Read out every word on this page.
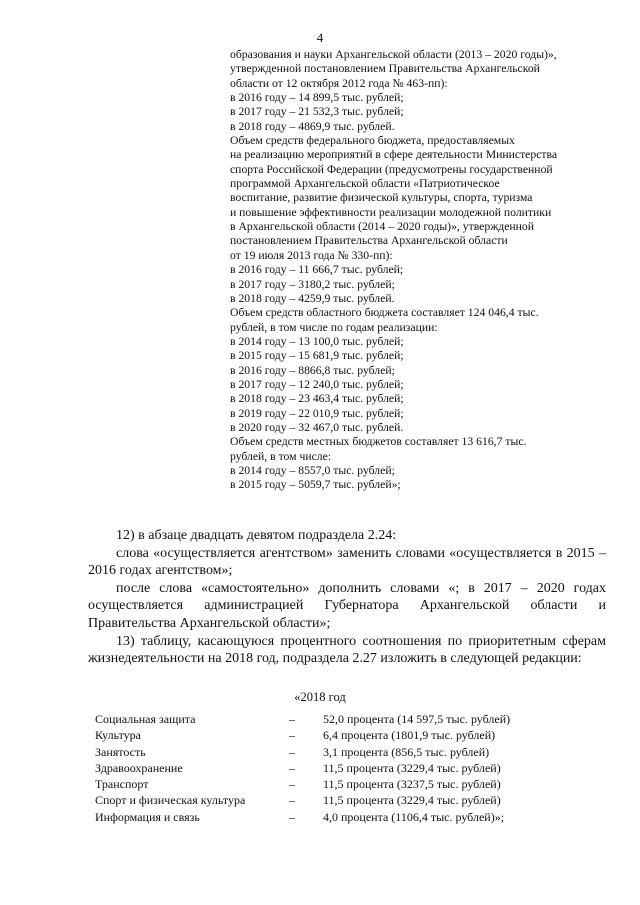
4
образования и науки Архангельской области (2013 – 2020 годы)»,
утвержденной постановлением Правительства Архангельской
области от 12 октября 2012 года № 463-пп):
в 2016 году – 14 899,5 тыс. рублей;
в 2017 году – 21 532,3 тыс. рублей;
в 2018 году – 4869,9 тыс. рублей.
Объем средств федерального бюджета, предоставляемых
на реализацию мероприятий в сфере деятельности Министерства
спорта Российской Федерации (предусмотрены государственной
программой Архангельской области «Патриотическое
воспитание, развитие физической культуры, спорта, туризма
и повышение эффективности реализации молодежной политики
в Архангельской области (2014 – 2020 годы)», утвержденной
постановлением Правительства Архангельской области
от 19 июля 2013 года № 330-пп):
в 2016 году – 11 666,7 тыс. рублей;
в 2017 году – 3180,2 тыс. рублей;
в 2018 году – 4259,9 тыс. рублей.
Объем средств областного бюджета составляет 124 046,4 тыс.
рублей, в том числе по годам реализации:
в 2014 году – 13 100,0 тыс. рублей;
в 2015 году – 15 681,9 тыс. рублей;
в 2016 году – 8866,8 тыс. рублей;
в 2017 году – 12 240,0 тыс. рублей;
в 2018 году – 23 463,4 тыс. рублей;
в 2019 году – 22 010,9 тыс. рублей;
в 2020 году – 32 467,0 тыс. рублей.
Объем средств местных бюджетов составляет 13 616,7 тыс.
рублей, в том числе:
в 2014 году – 8557,0 тыс. рублей;
в 2015 году – 5059,7 тыс. рублей»;

12) в абзаце двадцать девятом подраздела 2.24:

слова «осуществляется агентством» заменить словами «осуществляется в 2015 – 2016 годах агентством»;

после слова «самостоятельно» дополнить словами «; в 2017 – 2020 годах осуществляется администрацией Губернатора Архангельской области и Правительства Архангельской области»;

13) таблицу, касающуюся процентного соотношения по приоритетным сферам жизнедеятельности на 2018 год, подраздела 2.27 изложить в следующей редакции:

«2018 год
Социальная защита	– 52,0 процента (14 597,5 тыс. рублей)
Культура	– 6,4 процента (1801,9 тыс. рублей)
Занятость	– 3,1 процента (856,5 тыс. рублей)
Здравоохранение	– 11,5 процента (3229,4 тыс. рублей)
Транспорт	– 11,5 процента (3237,5 тыс. рублей)
Спорт и физическая культура	– 11,5 процента (3229,4 тыс. рублей)
Информация и связь	– 4,0 процента (1106,4 тыс. рублей)»;
